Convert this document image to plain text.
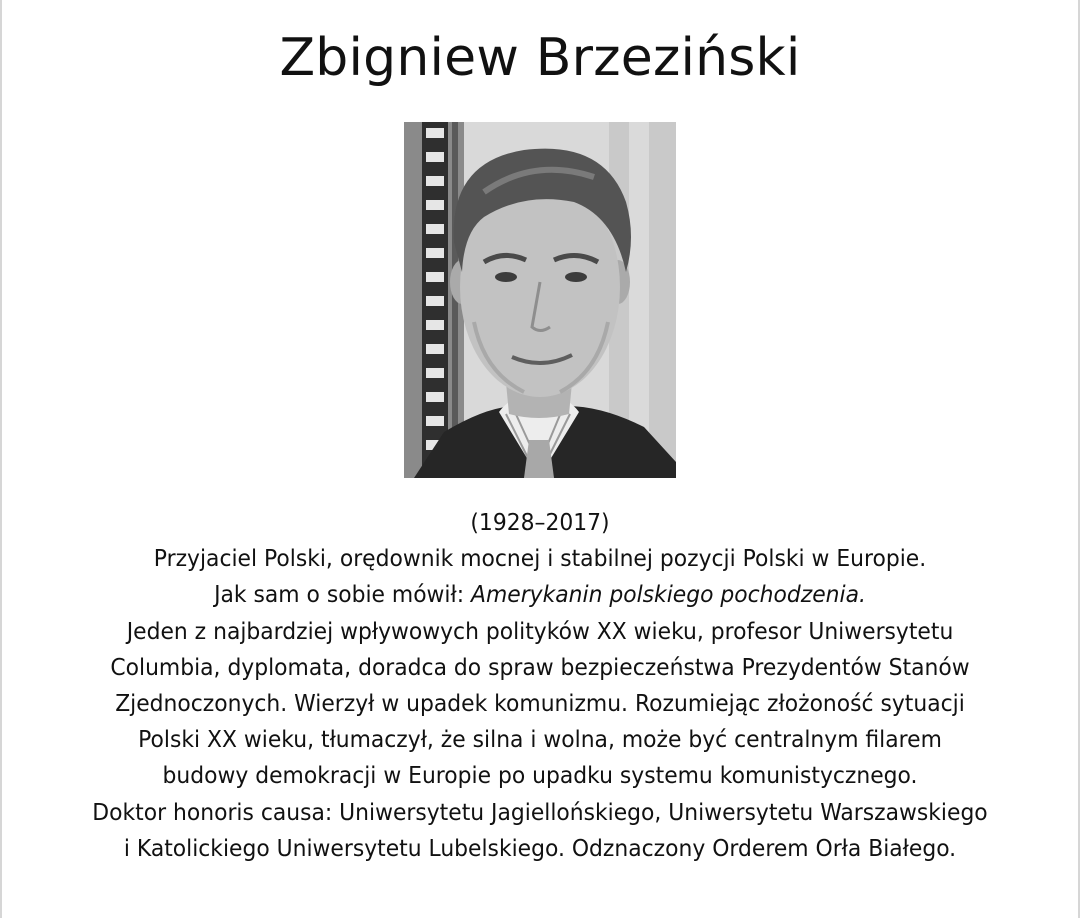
Zbigniew Brzeziński
(1928–2017)
Przyjaciel Polski, orędownik mocnej i stabilnej pozycji Polski w Europie.
Jak sam o sobie mówił: Amerykanin polskiego pochodzenia.
Jeden z najbardziej wpływowych polityków XX wieku, profesor Uniwersytetu
Columbia, dyplomata, doradca do spraw bezpieczeństwa Prezydentów Stanów
Zjednoczonych. Wierzył w upadek komunizmu. Rozumiejąc złożoność sytuacji
Polski XX wieku, tłumaczył, że silna i wolna, może być centralnym filarem
budowy demokracji w Europie po upadku systemu komunistycznego.
Doktor honoris causa: Uniwersytetu Jagiellońskiego, Uniwersytetu Warszawskiego
i Katolickiego Uniwersytetu Lubelskiego. Odznaczony Orderem Orła Białego.
